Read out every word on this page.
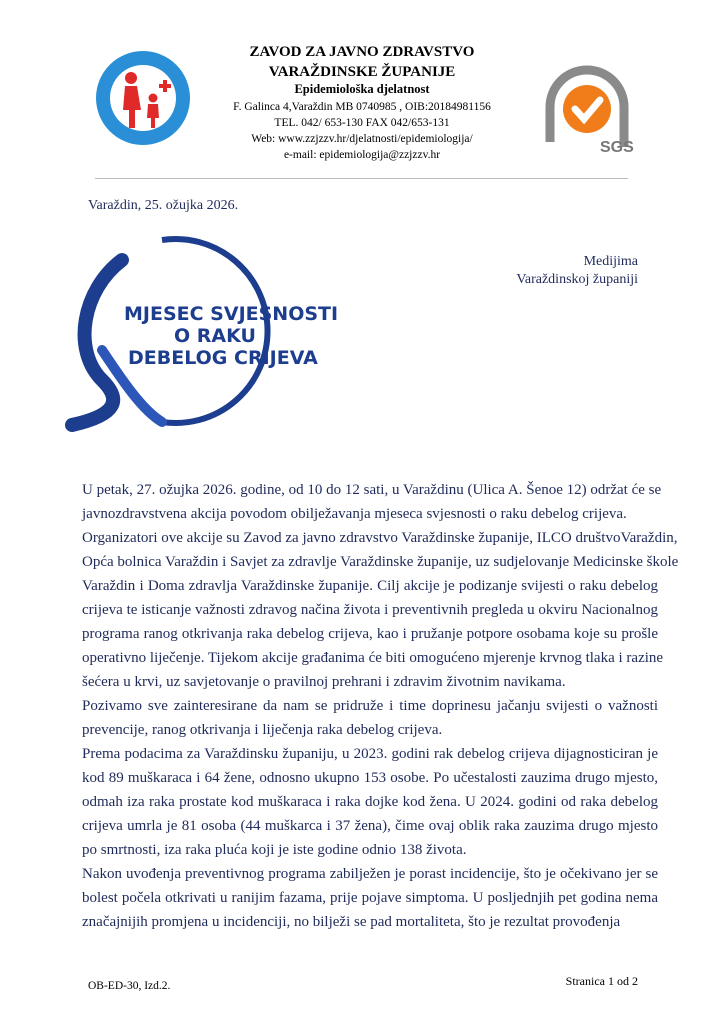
ZAVOD ZA JAVNO ZDRAVSTVO
VARAŽDINSKE ŽUPANIJE
Epidemiološka djelatnost
F. Galinca 4,Varaždin MB 0740985 , OIB:20184981156
TEL. 042/ 653-130 FAX 042/653-131
Web: www.zzjzzv.hr/djelatnosti/epidemiologija/
e-mail: epidemiologija@zzjzzv.hr	SGS
Varaždin, 25. ožujka 2026.
Medijima
Varaždinskoj županiji
MJESEC SVJESNOSTI
O RAKU
DEBELOG CRIJEVA
U petak, 27. ožujka 2026. godine, od 10 do 12 sati, u Varaždinu (Ulica A. Šenoe 12) održat će se
javnozdravstvena akcija povodom obilježavanja mjeseca svjesnosti o raku debelog crijeva.
Organizatori ove akcije su Zavod za javno zdravstvo Varaždinske županije, ILCO društvoVaraždin,
Opća bolnica Varaždin i Savjet za zdravlje Varaždinske županije, uz sudjelovanje Medicinske škole
Varaždin i Doma zdravlja Varaždinske županije. Cilj akcije je podizanje svijesti o raku debelog
crijeva te isticanje važnosti zdravog načina života i preventivnih pregleda u okviru Nacionalnog
programa ranog otkrivanja raka debelog crijeva, kao i pružanje potpore osobama koje su prošle
operativno liječenje. Tijekom akcije građanima će biti omogućeno mjerenje krvnog tlaka i razine
šećera u krvi, uz savjetovanje o pravilnoj prehrani i zdravim životnim navikama.
Pozivamo sve zainteresirane da nam se pridruže i time doprinesu jačanju svijesti o važnosti
prevencije, ranog otkrivanja i liječenja raka debelog crijeva.
Prema podacima za Varaždinsku županiju, u 2023. godini rak debelog crijeva dijagnosticiran je
kod 89 muškaraca i 64 žene, odnosno ukupno 153 osobe. Po učestalosti zauzima drugo mjesto,
odmah iza raka prostate kod muškaraca i raka dojke kod žena. U 2024. godini od raka debelog
crijeva umrla je 81 osoba (44 muškarca i 37 žena), čime ovaj oblik raka zauzima drugo mjesto
po smrtnosti, iza raka pluća koji je iste godine odnio 138 života.
Nakon uvođenja preventivnog programa zabilježen je porast incidencije, što je očekivano jer se
bolest počela otkrivati u ranijim fazama, prije pojave simptoma. U posljednjih pet godina nema
značajnijih promjena u incidenciji, no bilježi se pad mortaliteta, što je rezultat provođenja
OB-ED-30, Izd.2.	Stranica 1 od 2
